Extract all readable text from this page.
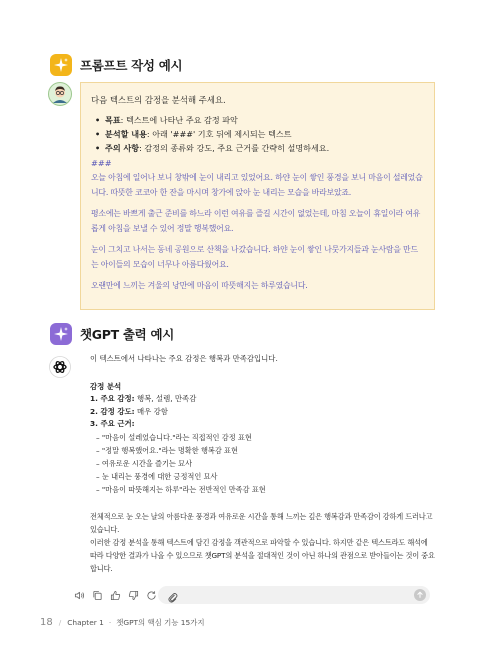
프롬프트 작성 예시
다음 텍스트의 감정을 분석해 주세요.
• 목표: 텍스트에 나타난 주요 감정 파악
• 분석할 내용: 아래 '###' 기호 뒤에 제시되는 텍스트
• 주의 사항: 감정의 종류와 강도, 주요 근거를 간략히 설명하세요.
###

오늘 아침에 일어나 보니 창밖에 눈이 내리고 있었어요. 하얀 눈이 쌓인 풍경을 보니 마음이 설레었습니다. 따뜻한 코코아 한 잔을 마시며 창가에 앉아 눈 내리는 모습을 바라보았죠.

평소에는 바쁘게 출근 준비를 하느라 이런 여유를 즐길 시간이 없었는데, 마침 오늘이 휴일이라 여유롭게 아침을 보낼 수 있어 정말 행복했어요.

눈이 그치고 나서는 동네 공원으로 산책을 나갔습니다. 하얀 눈이 쌓인 나뭇가지들과 눈사람을 만드는 아이들의 모습이 너무나 아름다웠어요.

오랜만에 느끼는 겨울의 낭만에 마음이 따뜻해지는 하루였습니다.

챗GPT 출력 예시
이 텍스트에서 나타나는 주요 감정은 행복과 만족감입니다.
감정 분석
1. 주요 감정: 행복, 설렘, 만족감
2. 감정 강도: 매우 강함
3. 주요 근거:
– "마음이 설레었습니다."라는 직접적인 감정 표현
– "정말 행복했어요."라는 명확한 행복감 표현
– 여유로운 시간을 즐기는 묘사
– 눈 내리는 풍경에 대한 긍정적인 묘사
– "마음이 따뜻해지는 하루"라는 전반적인 만족감 표현
전체적으로 눈 오는 날의 아름다운 풍경과 여유로운 시간을 통해 느끼는 깊은 행복감과 만족감이 강하게 드러나고 있습니다.
이러한 감정 분석을 통해 텍스트에 담긴 감정을 객관적으로 파악할 수 있습니다. 하지만 같은 텍스트라도 해석에 따라 다양한 결과가 나올 수 있으므로 챗GPT의 분석을 절대적인 것이 아닌 하나의 관점으로 받아들이는 것이 중요합니다.
18 / Chapter 1 · 챗GPT의 핵심 기능 15가지
